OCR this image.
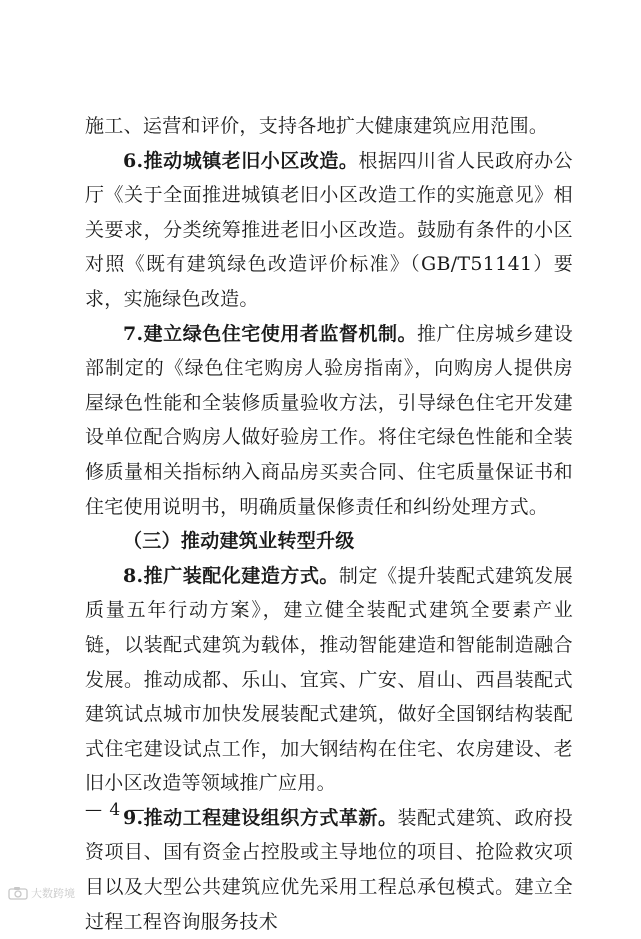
施工、运营和评价，支持各地扩大健康建筑应用范围。

6.推动城镇老旧小区改造。根据四川省人民政府办公厅《关于全面推进城镇老旧小区改造工作的实施意见》相关要求，分类统筹推进老旧小区改造。鼓励有条件的小区对照《既有建筑绿色改造评价标准》（GB/T51141）要求，实施绿色改造。

7.建立绿色住宅使用者监督机制。推广住房城乡建设部制定的《绿色住宅购房人验房指南》，向购房人提供房屋绿色性能和全装修质量验收方法，引导绿色住宅开发建设单位配合购房人做好验房工作。将住宅绿色性能和全装修质量相关指标纳入商品房买卖合同、住宅质量保证书和住宅使用说明书，明确质量保修责任和纠纷处理方式。

（三）推动建筑业转型升级

8.推广装配化建造方式。制定《提升装配式建筑发展质量五年行动方案》，建立健全装配式建筑全要素产业链，以装配式建筑为载体，推动智能建造和智能制造融合发展。推动成都、乐山、宜宾、广安、眉山、西昌装配式建筑试点城市加快发展装配式建筑，做好全国钢结构装配式住宅建设试点工作，加大钢结构在住宅、农房建设、老旧小区改造等领域推广应用。

9.推动工程建设组织方式革新。装配式建筑、政府投资项目、国有资金占控股或主导地位的项目、抢险救灾项目以及大型公共建筑应优先采用工程总承包模式。建立全过程工程咨询服务技术

— 4 —
大数跨境
